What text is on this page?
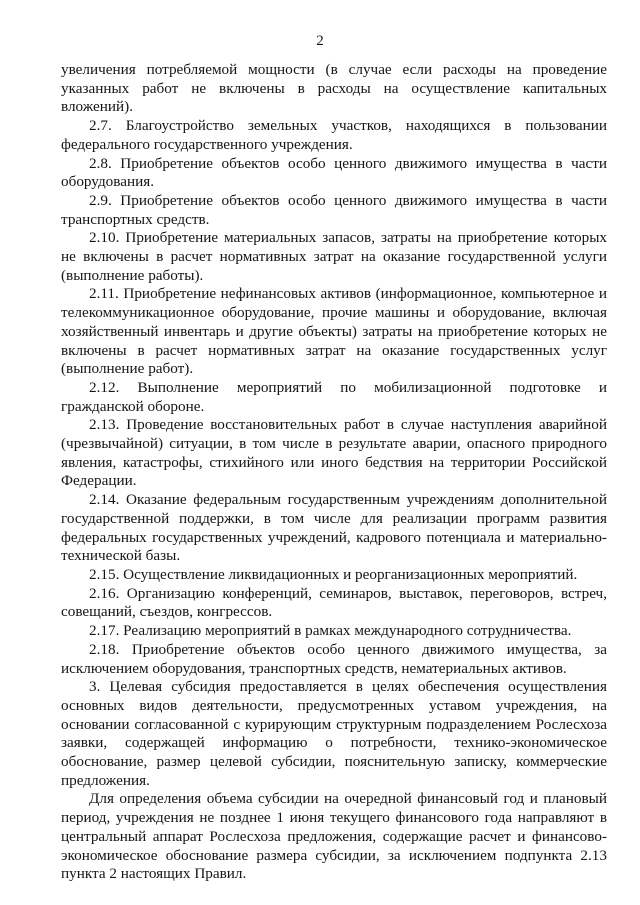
2

увеличения потребляемой мощности (в случае если расходы на проведение указанных работ не включены в расходы на осуществление капитальных вложений).

2.7. Благоустройство земельных участков, находящихся в пользовании федерального государственного учреждения.

2.8. Приобретение объектов особо ценного движимого имущества в части оборудования.

2.9. Приобретение объектов особо ценного движимого имущества в части транспортных средств.

2.10. Приобретение материальных запасов, затраты на приобретение которых не включены в расчет нормативных затрат на оказание государственной услуги (выполнение работы).

2.11. Приобретение нефинансовых активов (информационное, компьютерное и телекоммуникационное оборудование, прочие машины и оборудование, включая хозяйственный инвентарь и другие объекты) затраты на приобретение которых не включены в расчет нормативных затрат на оказание государственных услуг (выполнение работ).

2.12. Выполнение мероприятий по мобилизационной подготовке и гражданской обороне.

2.13. Проведение восстановительных работ в случае наступления аварийной (чрезвычайной) ситуации, в том числе в результате аварии, опасного природного явления, катастрофы, стихийного или иного бедствия на территории Российской Федерации.

2.14. Оказание федеральным государственным учреждениям дополнительной государственной поддержки, в том числе для реализации программ развития федеральных государственных учреждений, кадрового потенциала и материально-технической базы.

2.15. Осуществление ликвидационных и реорганизационных мероприятий.

2.16. Организацию конференций, семинаров, выставок, переговоров, встреч, совещаний, съездов, конгрессов.

2.17. Реализацию мероприятий в рамках международного сотрудничества.

2.18. Приобретение объектов особо ценного движимого имущества, за исключением оборудования, транспортных средств, нематериальных активов.

3. Целевая субсидия предоставляется в целях обеспечения осуществления основных видов деятельности, предусмотренных уставом учреждения, на основании согласованной с курирующим структурным подразделением Рослесхоза заявки, содержащей информацию о потребности, технико-экономическое обоснование, размер целевой субсидии, пояснительную записку, коммерческие предложения.

Для определения объема субсидии на очередной финансовый год и плановый период, учреждения не позднее 1 июня текущего финансового года направляют в центральный аппарат Рослесхоза предложения, содержащие расчет и финансово-экономическое обоснование размера субсидии, за исключением подпункта 2.13 пункта 2 настоящих Правил.
